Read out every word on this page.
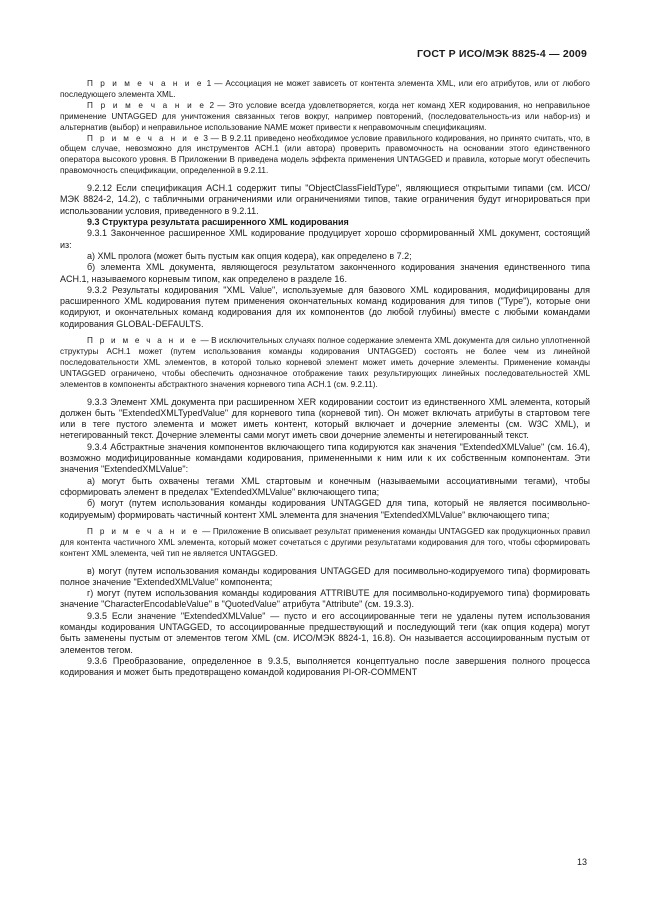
ГОСТ Р ИСО/МЭК 8825-4 — 2009

П р и м е ч а н и е 1 — Ассоциация не может зависеть от контента элемента XML, или его атрибутов, или от любого последующего элемента XML.

П р и м е ч а н и е 2 — Это условие всегда удовлетворяется, когда нет команд XER кодирования, но неправильное применение UNTAGGED для уничтожения связанных тегов вокруг, например повторений, (последовательность-из или набор-из) и альтернатив (выбор) и неправильное использование NAME может привести к неправомочным спецификациям.

П р и м е ч а н и е 3 — В 9.2.11 приведено необходимое условие правильного кодирования, но принято считать, что, в общем случае, невозможно для инструментов ACH.1 (или автора) проверить правомочность на основании этого единственного оператора высокого уровня. В Приложении В приведена модель эффекта применения UNTAGGED и правила, которые могут обеспечить правомочность спецификации, определенной в 9.2.11.

9.2.12 Если спецификация ACH.1 содержит типы "ObjectClassFieldType", являющиеся открытыми типами (см. ИСО/МЭК 8824-2, 14.2), с табличными ограничениями или ограничениями типов, такие ограничения будут игнорироваться при использовании условия, приведенного в 9.2.11.

9.3 Структура результата расширенного XML кодирования

9.3.1 Законченное расширенное XML кодирование продуцирует хорошо сформированный XML документ, состоящий из:

а) XML пролога (может быть пустым как опция кодера), как определено в 7.2;

б) элемента XML документа, являющегося результатом законченного кодирования значения единственного типа ACH.1, называемого корневым типом, как определено в разделе 16.

9.3.2 Результаты кодирования "XML Value", используемые для базового XML кодирования, модифицированы для расширенного XML кодирования путем применения окончательных команд кодирования для типов ("Type"), которые они кодируют, и окончательных команд кодирования для их компонентов (до любой глубины) вместе с любыми командами кодирования GLOBAL-DEFAULTS.

П р и м е ч а н и е — В исключительных случаях полное содержание элемента XML документа для сильно уплотненной структуры ACH.1 может (путем использования команды кодирования UNTAGGED) состоять не более чем из линейной последовательности XML элементов, в которой только корневой элемент может иметь дочерние элементы. Применение команды UNTAGGED ограничено, чтобы обеспечить однозначное отображение таких результирующих линейных последовательностей XML элементов в компоненты абстрактного значения корневого типа ACH.1 (см. 9.2.11).

9.3.3 Элемент XML документа при расширенном XER кодировании состоит из единственного XML элемента, который должен быть "ExtendedXMLTypedValue" для корневого типа (корневой тип). Он может включать атрибуты в стартовом теге или в теге пустого элемента и может иметь контент, который включает и дочерние элементы (см. W3C XML), и нетегированный текст. Дочерние элементы сами могут иметь свои дочерние элементы и нетегированный текст.

9.3.4 Абстрактные значения компонентов включающего типа кодируются как значения "ExtendedXMLValue" (см. 16.4), возможно модифицированные командами кодирования, примененными к ним или к их собственным компонентам. Эти значения "ExtendedXMLValue":

а) могут быть охвачены тегами XML стартовым и конечным (называемыми ассоциативными тегами), чтобы сформировать элемент в пределах "ExtendedXMLValue" включающего типа;

б) могут (путем использования команды кодирования UNTAGGED для типа, который не является посимвольно-кодируемым) формировать частичный контент XML элемента для значения "ExtendedXMLValue" включающего типа;

П р и м е ч а н и е — Приложение В описывает результат применения команды UNTAGGED как продукционных правил для контента частичного XML элемента, который может сочетаться с другими результатами кодирования для того, чтобы сформировать контент XML элемента, чей тип не является UNTAGGED.

в) могут (путем использования команды кодирования UNTAGGED для посимвольно-кодируемого типа) формировать полное значение "ExtendedXMLValue" компонента;

г) могут (путем использования команды кодирования ATTRIBUTE для посимвольно-кодируемого типа) формировать значение "CharacterEncodableValue" в "QuotedValue" атрибута "Attribute" (см. 19.3.3).

9.3.5 Если значение "ExtendedXMLValue" — пусто и его ассоциированные теги не удалены путем использования команды кодирования UNTAGGED, то ассоциированные предшествующий и последующий теги (как опция кодера) могут быть заменены пустым от элементов тегом XML (см. ИСО/МЭК 8824-1, 16.8). Он называется ассоциированным пустым от элементов тегом.

9.3.6 Преобразование, определенное в 9.3.5, выполняется концептуально после завершения полного процесса кодирования и может быть предотвращено командой кодирования PI-OR-COMMENT

13
